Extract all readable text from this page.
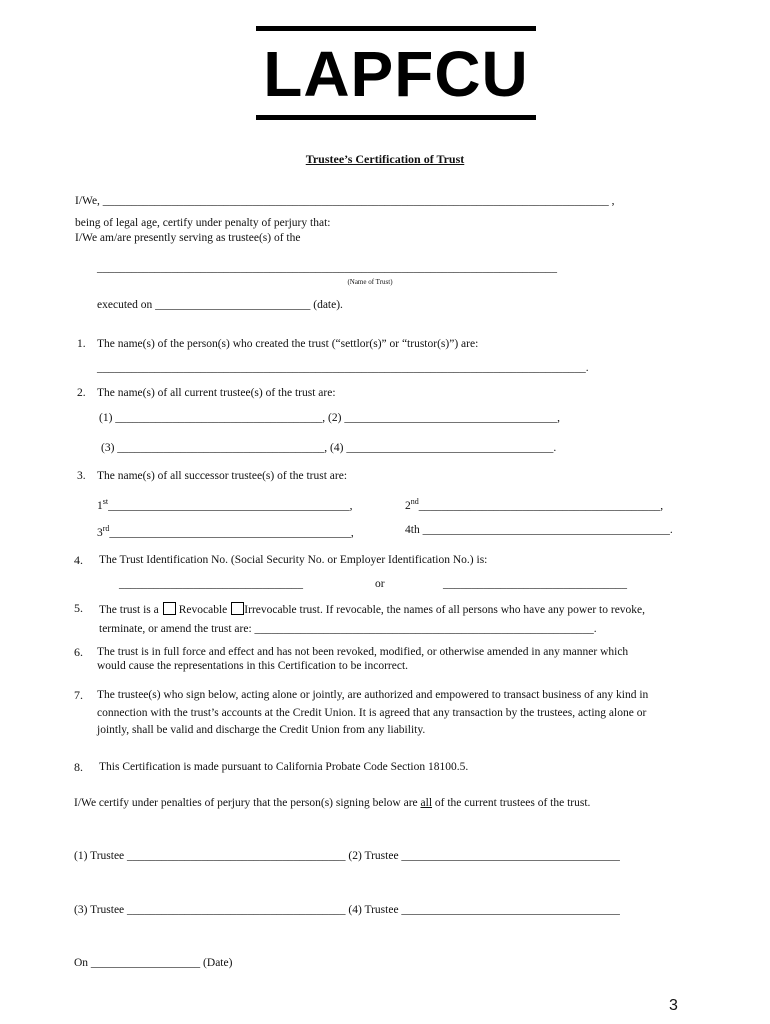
LAPFCU
Trustee’s Certification of Trust
I/We, ________________________________________________________________________________________ ,
being of legal age, certify under penalty of perjury that:
I/We am/are presently serving as trustee(s) of the
________________________________________________________________________________
(Name of Trust)
executed on ___________________________ (date).
1. The name(s) of the person(s) who created the trust (“settlor(s)” or “trustor(s)”) are:
_____________________________________________________________________________________.
2. The name(s) of all current trustee(s) of the trust are:
(1) ____________________________________, (2) _____________________________________,
(3) ____________________________________, (4) ____________________________________.
3. The name(s) of all successor trustee(s) of the trust are:
1st__________________________________________,	2nd__________________________________________,
3rd__________________________________________,	4th ___________________________________________.
4. The Trust Identification No. (Social Security No. or Employer Identification No.) is:
________________________________	or	________________________________
5. The trust is a Revocable Irrevocable trust. If revocable, the names of all persons who have any power to revoke,
terminate, or amend the trust are: ___________________________________________________________.
6. The trust is in full force and effect and has not been revoked, modified, or otherwise amended in any manner which
would cause the representations in this Certification to be incorrect.
7. The trustee(s) who sign below, acting alone or jointly, are authorized and empowered to transact business of any kind in
connection with the trust’s accounts at the Credit Union. It is agreed that any transaction by the trustees, acting alone or
jointly, shall be valid and discharge the Credit Union from any liability.
8. This Certification is made pursuant to California Probate Code Section 18100.5.
I/We certify under penalties of perjury that the person(s) signing below are all of the current trustees of the trust.
(1) Trustee ______________________________________ (2) Trustee ______________________________________
(3) Trustee ______________________________________ (4) Trustee ______________________________________
On ___________________ (Date)
3
